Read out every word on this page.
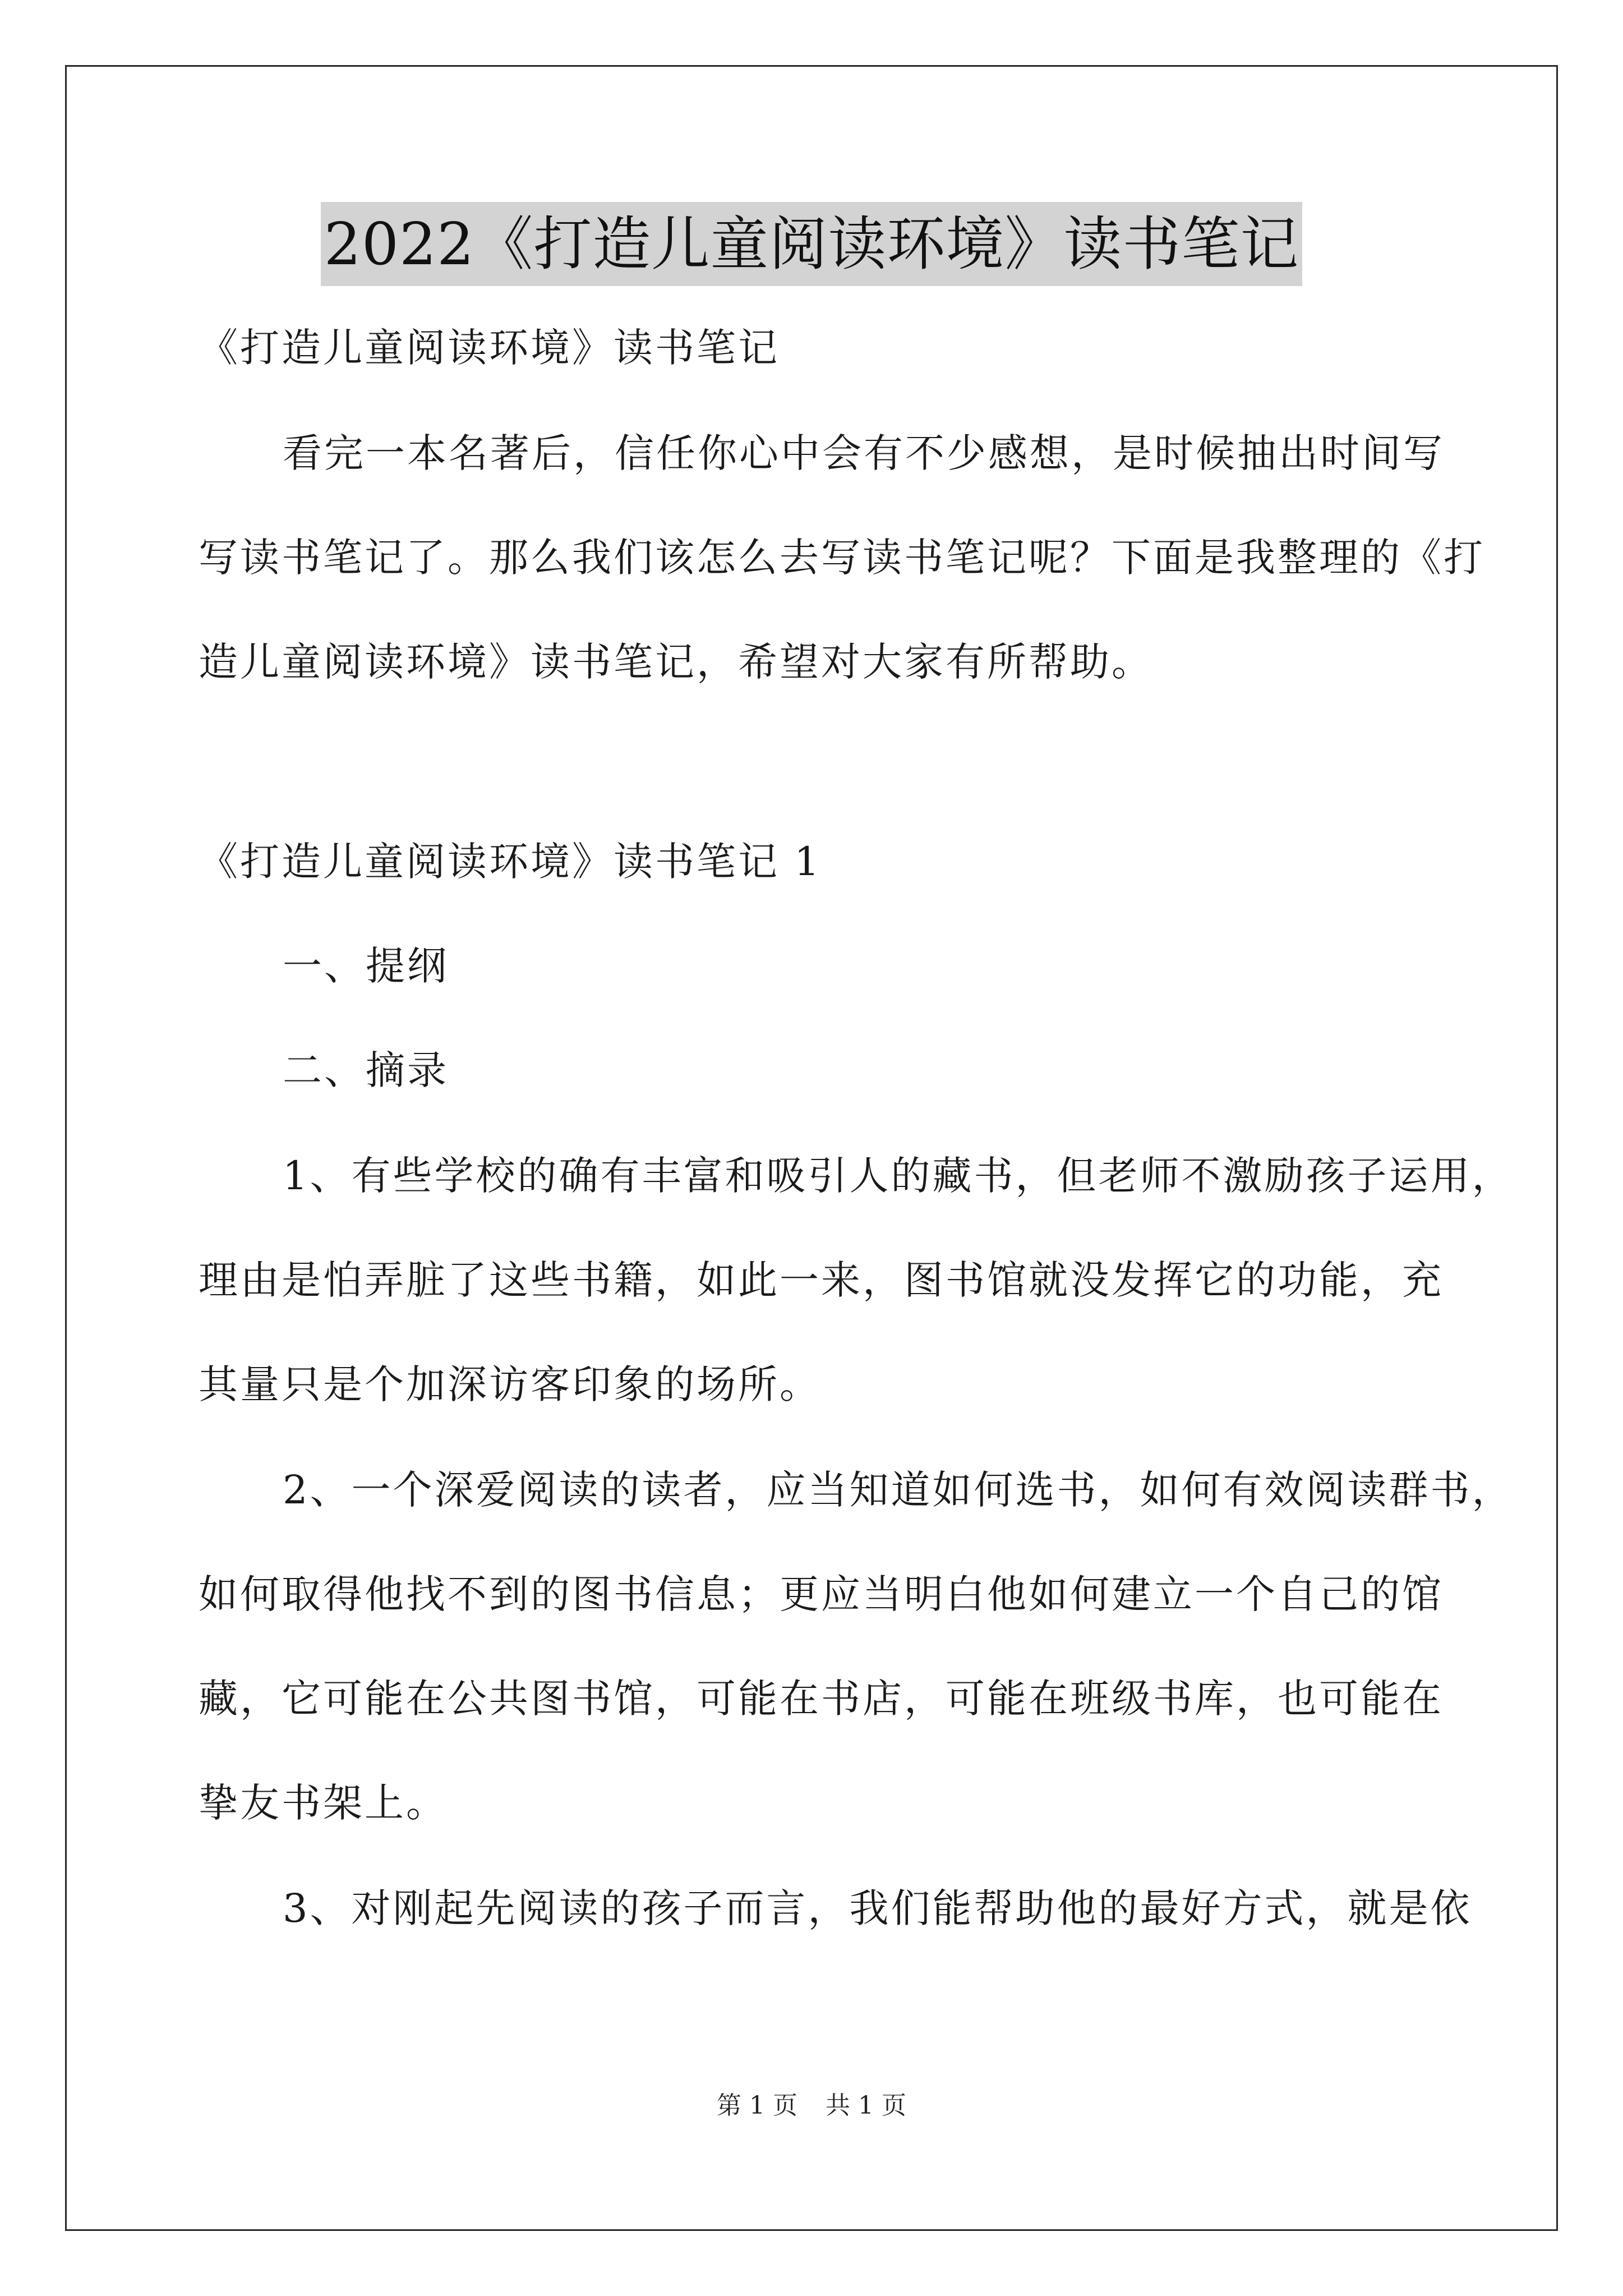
2022《打造儿童阅读环境》读书笔记

《打造儿童阅读环境》读书笔记

看完一本名著后，信任你心中会有不少感想，是时候抽出时间写

写读书笔记了。那么我们该怎么去写读书笔记呢？下面是我整理的《打

造儿童阅读环境》读书笔记，希望对大家有所帮助。

《打造儿童阅读环境》读书笔记 1

一、提纲

二、摘录

1、有些学校的确有丰富和吸引人的藏书，但老师不激励孩子运用，

理由是怕弄脏了这些书籍，如此一来，图书馆就没发挥它的功能，充

其量只是个加深访客印象的场所。

2、一个深爱阅读的读者，应当知道如何选书，如何有效阅读群书，

如何取得他找不到的图书信息；更应当明白他如何建立一个自己的馆

藏，它可能在公共图书馆，可能在书店，可能在班级书库，也可能在

挚友书架上。

3、对刚起先阅读的孩子而言，我们能帮助他的最好方式，就是依

第 1 页 共 1 页
